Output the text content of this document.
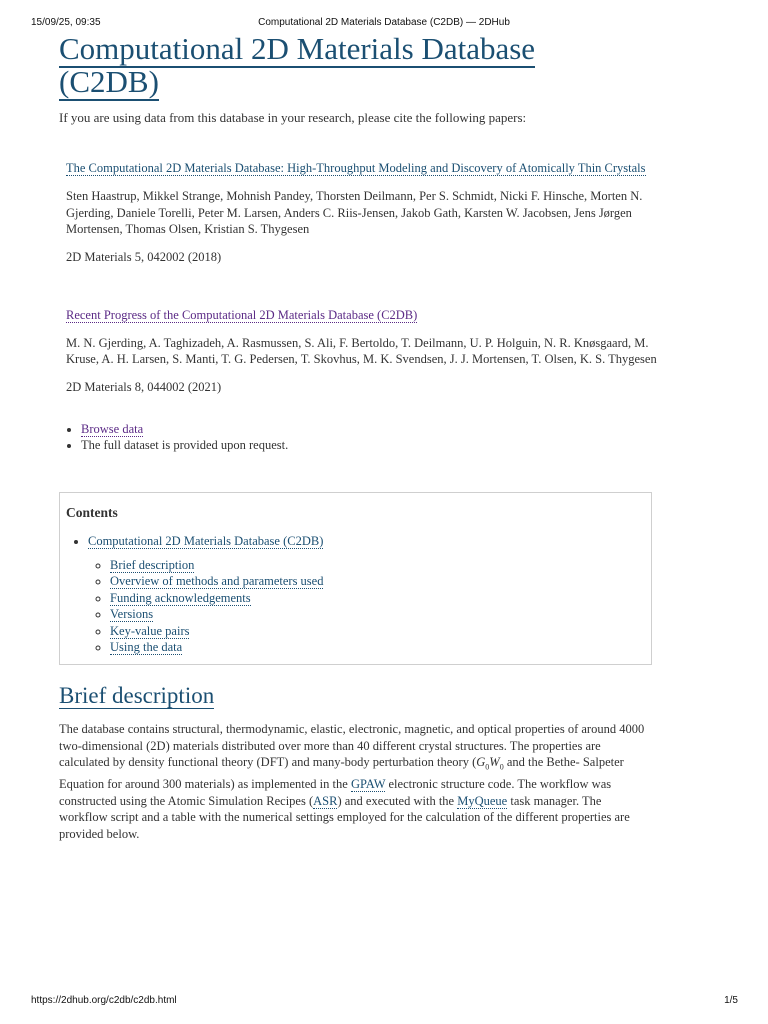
15/09/25, 09:35	Computational 2D Materials Database (C2DB) — 2DHub
Computational 2D Materials Database (C2DB)

If you are using data from this database in your research, please cite the following papers:

The Computational 2D Materials Database: High-Throughput Modeling and Discovery of Atomically Thin Crystals

Sten Haastrup, Mikkel Strange, Mohnish Pandey, Thorsten Deilmann, Per S. Schmidt, Nicki F. Hinsche, Morten N. Gjerding, Daniele Torelli, Peter M. Larsen, Anders C. Riis-Jensen, Jakob Gath, Karsten W. Jacobsen, Jens Jørgen Mortensen, Thomas Olsen, Kristian S. Thygesen

2D Materials 5, 042002 (2018)

Recent Progress of the Computational 2D Materials Database (C2DB)

M. N. Gjerding, A. Taghizadeh, A. Rasmussen, S. Ali, F. Bertoldo, T. Deilmann, U. P. Holguin, N. R. Knøsgaard, M. Kruse, A. H. Larsen, S. Manti, T. G. Pedersen, T. Skovhus, M. K. Svendsen, J. J. Mortensen, T. Olsen, K. S. Thygesen

2D Materials 8, 044002 (2021)

• Browse data
• The full dataset is provided upon request.
Contents
• Computational 2D Materials Database (C2DB)
◦ Brief description
◦ Overview of methods and parameters used
◦ Funding acknowledgements
◦ Versions
◦ Key-value pairs
◦ Using the data
Brief description

The database contains structural, thermodynamic, elastic, electronic, magnetic, and optical properties of around 4000 two-dimensional (2D) materials distributed over more than 40 different crystal structures. The properties are calculated by density functional theory (DFT) and many-body perturbation theory ($G_0W_0$ and the Bethe- Salpeter Equation for around 300 materials) as implemented in the GPAW electronic structure code. The workflow was constructed using the Atomic Simulation Recipes (ASR) and executed with the MyQueue task manager. The workflow script and a table with the numerical settings employed for the calculation of the different properties are provided below.

https://2dhub.org/c2db/c2db.html	1/5
